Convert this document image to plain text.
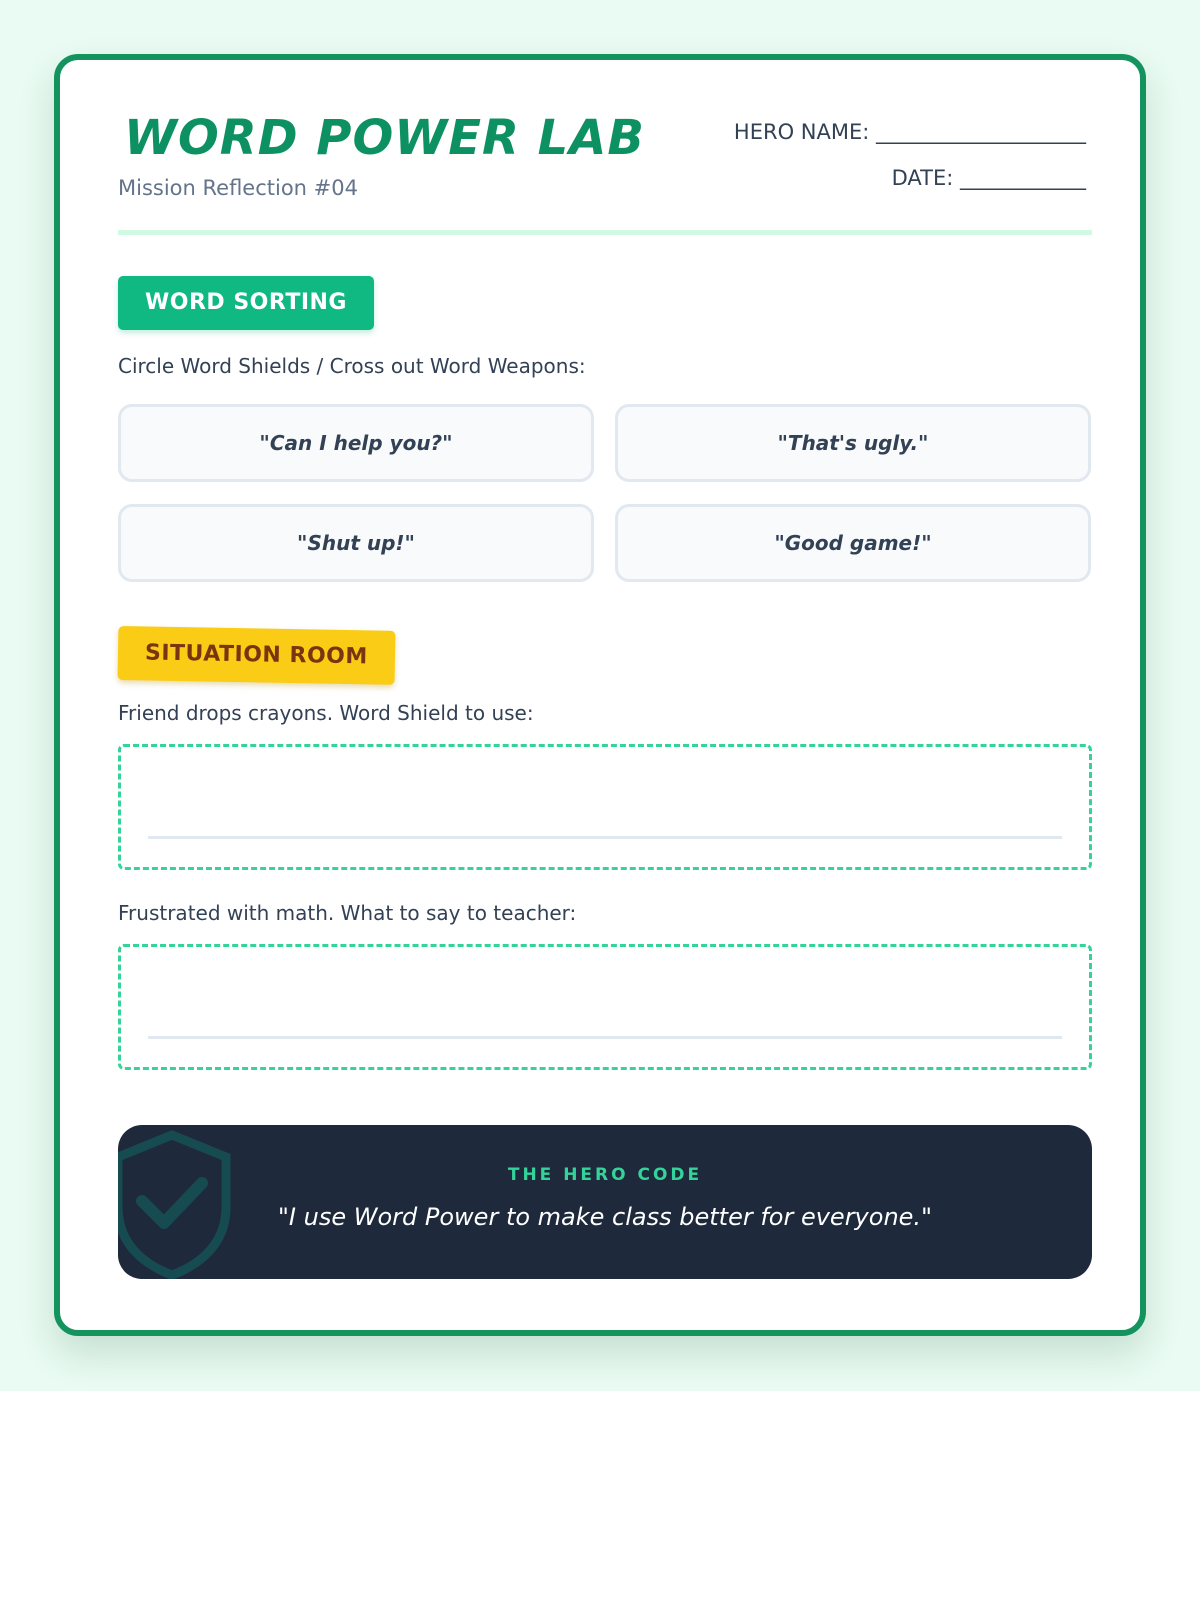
WORD POWER LAB
Mission Reflection #04
HERO NAME: ____________________
DATE: ____________
WORD SORTING
Circle Word Shields / Cross out Word Weapons:
"Can I help you?"	"That's ugly."
"Shut up!"	"Good game!"
SITUATION ROOM
Friend drops crayons. Word Shield to use:
Frustrated with math. What to say to teacher:
THE HERO CODE
"I use Word Power to make class better for everyone."
